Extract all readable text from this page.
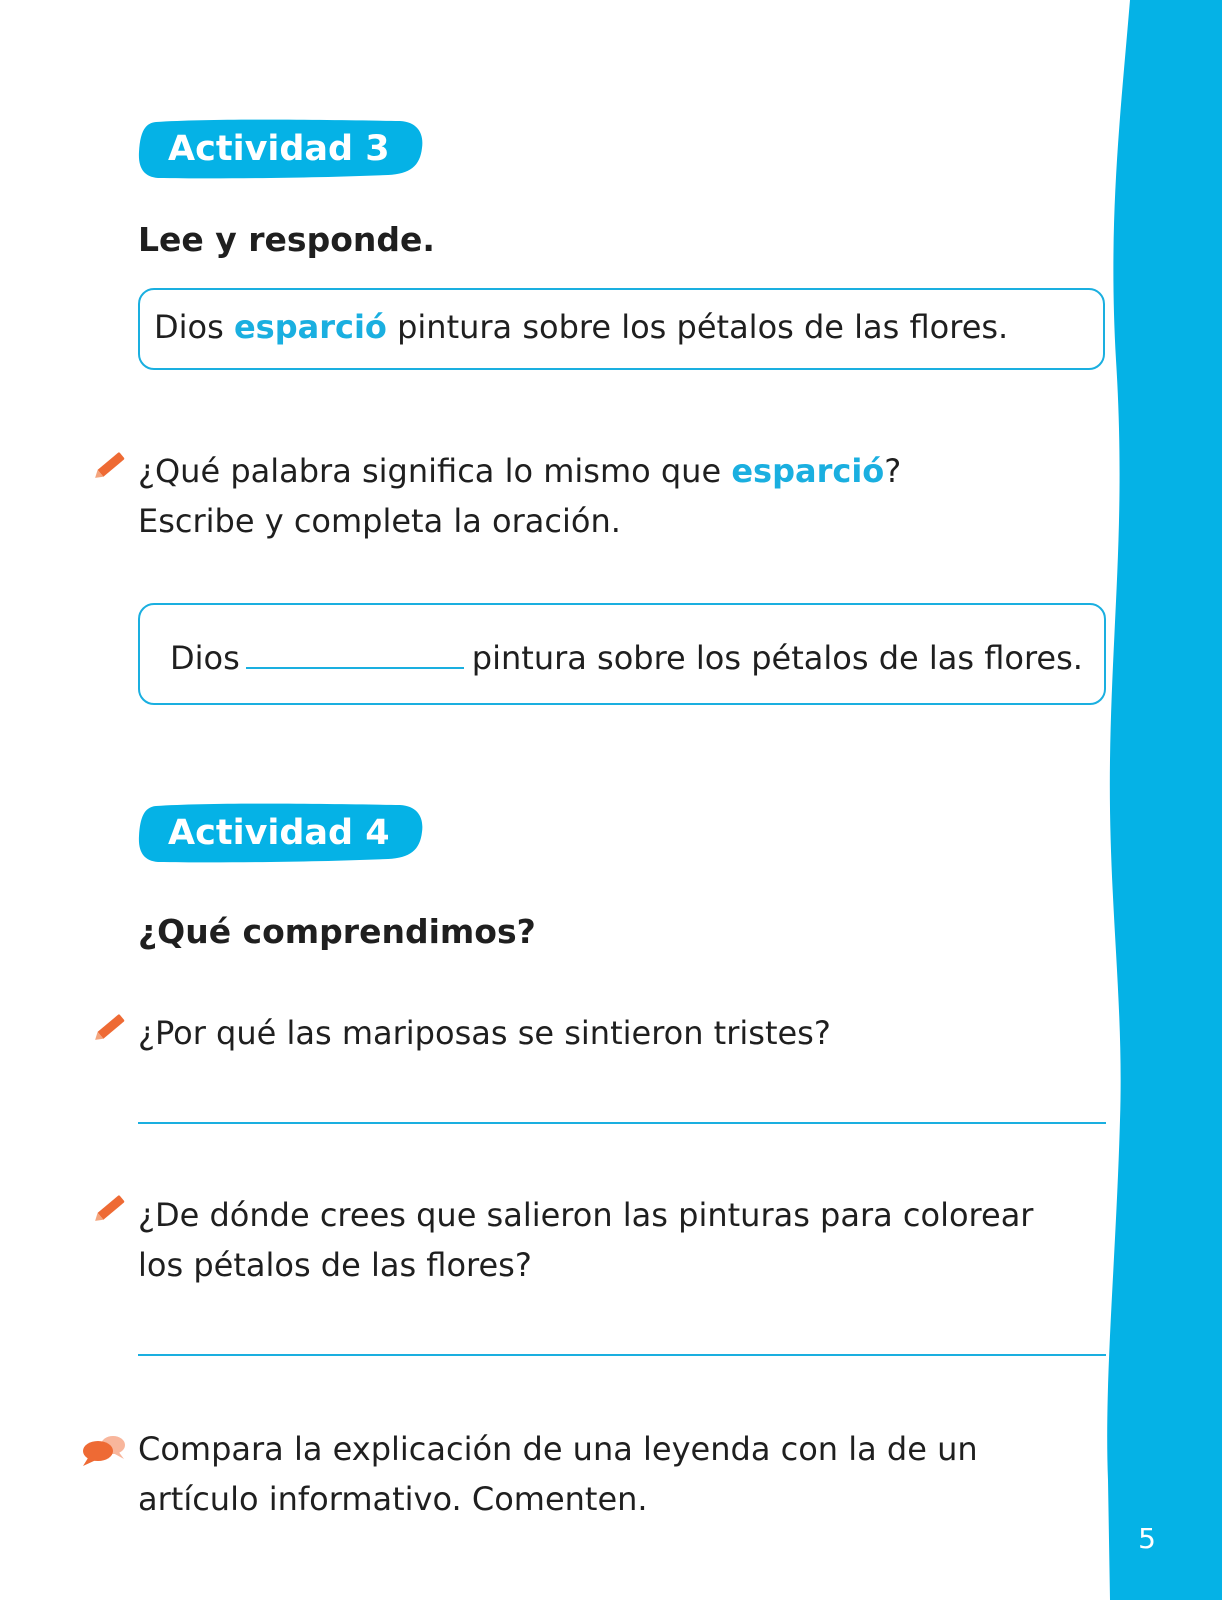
5
Actividad 3
Lee y responde.
Dios esparció pintura sobre los pétalos de las flores.
¿Qué palabra significa lo mismo que esparció?
Escribe y completa la oración.
Dios	pintura sobre los pétalos de las flores.
Actividad 4
¿Qué comprendimos?
¿Por qué las mariposas se sintieron tristes?
¿De dónde crees que salieron las pinturas para colorear
los pétalos de las flores?
Compara la explicación de una leyenda con la de un
artículo informativo. Comenten.
